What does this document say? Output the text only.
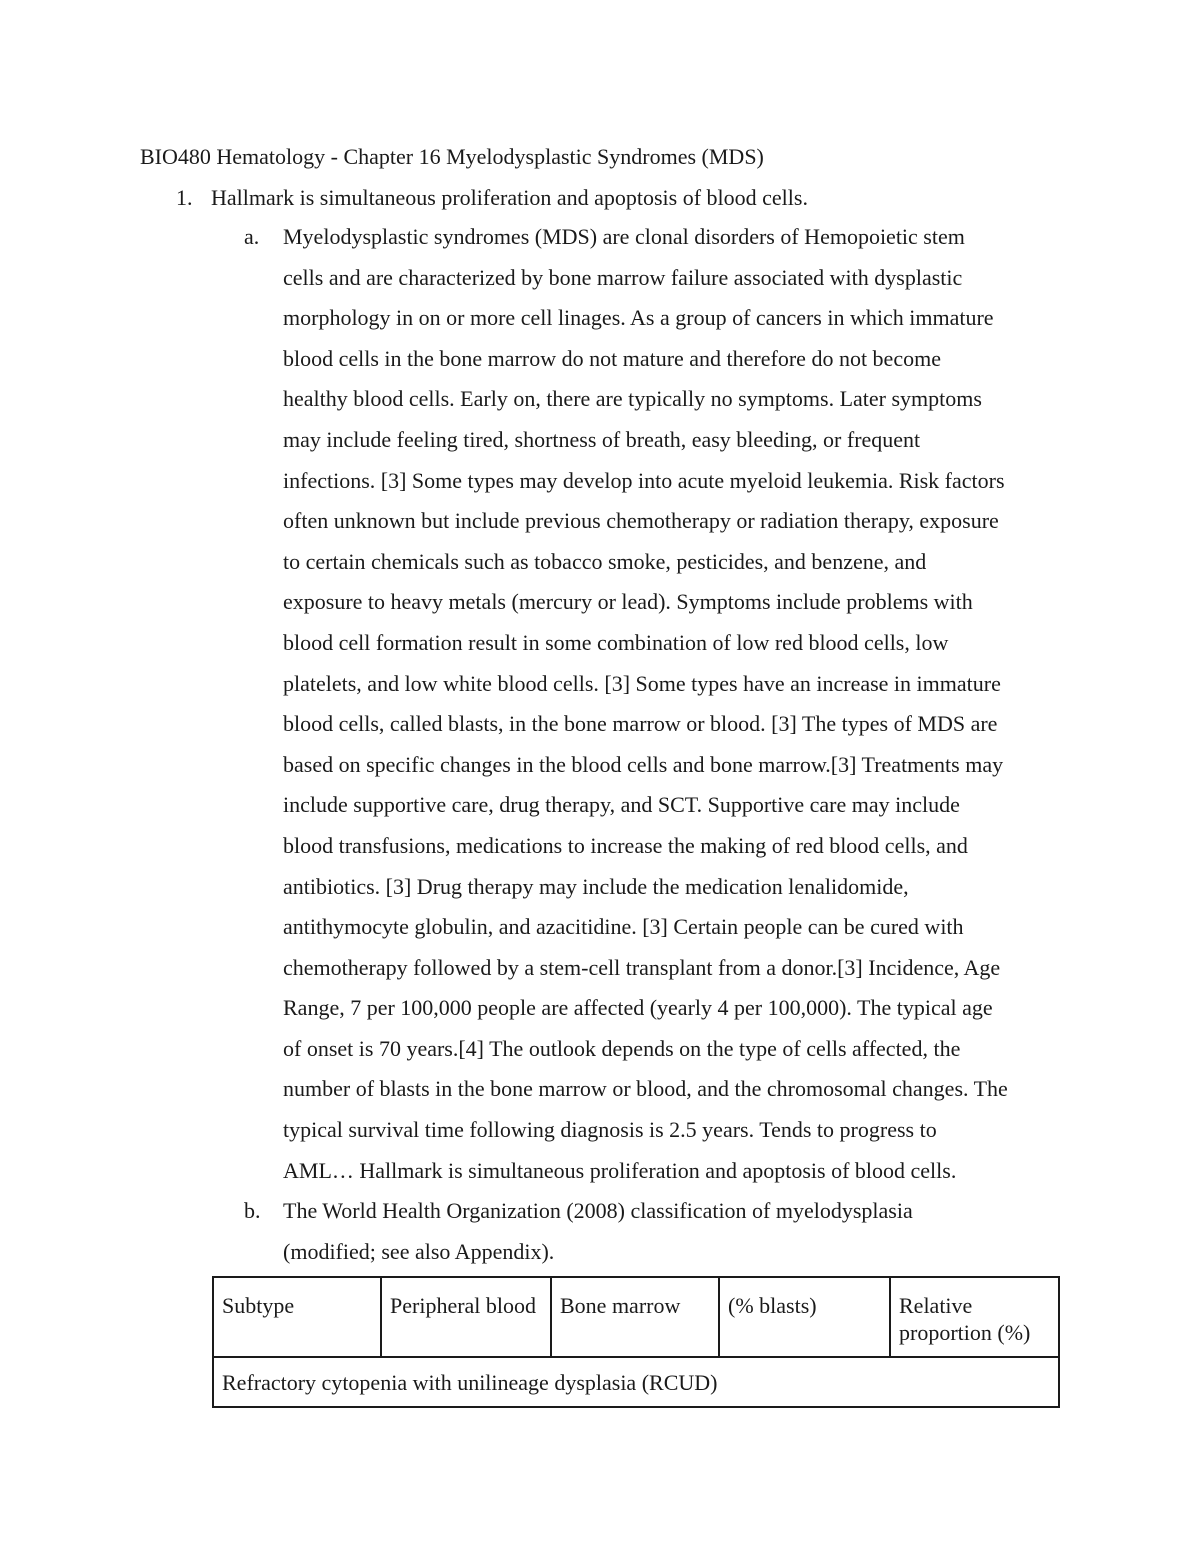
BIO480 Hematology - Chapter 16 Myelodysplastic Syndromes (MDS)
1. Hallmark is simultaneous proliferation and apoptosis of blood cells.
a. Myelodysplastic syndromes (MDS) are clonal disorders of Hemopoietic stem
cells and are characterized by bone marrow failure associated with dysplastic
morphology in on or more cell linages. As a group of cancers in which immature
blood cells in the bone marrow do not mature and therefore do not become
healthy blood cells. Early on, there are typically no symptoms. Later symptoms
may include feeling tired, shortness of breath, easy bleeding, or frequent
infections. [3] Some types may develop into acute myeloid leukemia. Risk factors
often unknown but include previous chemotherapy or radiation therapy, exposure
to certain chemicals such as tobacco smoke, pesticides, and benzene, and
exposure to heavy metals (mercury or lead). Symptoms include problems with
blood cell formation result in some combination of low red blood cells, low
platelets, and low white blood cells. [3] Some types have an increase in immature
blood cells, called blasts, in the bone marrow or blood. [3] The types of MDS are
based on specific changes in the blood cells and bone marrow.[3] Treatments may
include supportive care, drug therapy, and SCT. Supportive care may include
blood transfusions, medications to increase the making of red blood cells, and
antibiotics. [3] Drug therapy may include the medication lenalidomide,
antithymocyte globulin, and azacitidine. [3] Certain people can be cured with
chemotherapy followed by a stem-cell transplant from a donor.[3] Incidence, Age
Range, 7 per 100,000 people are affected (yearly 4 per 100,000). The typical age
of onset is 70 years.[4] The outlook depends on the type of cells affected, the
number of blasts in the bone marrow or blood, and the chromosomal changes. The
typical survival time following diagnosis is 2.5 years. Tends to progress to
AML… Hallmark is simultaneous proliferation and apoptosis of blood cells.

b. The World Health Organization (2008) classification of myelodysplasia
(modified; see also Appendix).

Subtype	Peripheral blood	Bone marrow	(% blasts)	Relative proportion (%)
Refractory cytopenia with unilineage dysplasia (RCUD)
